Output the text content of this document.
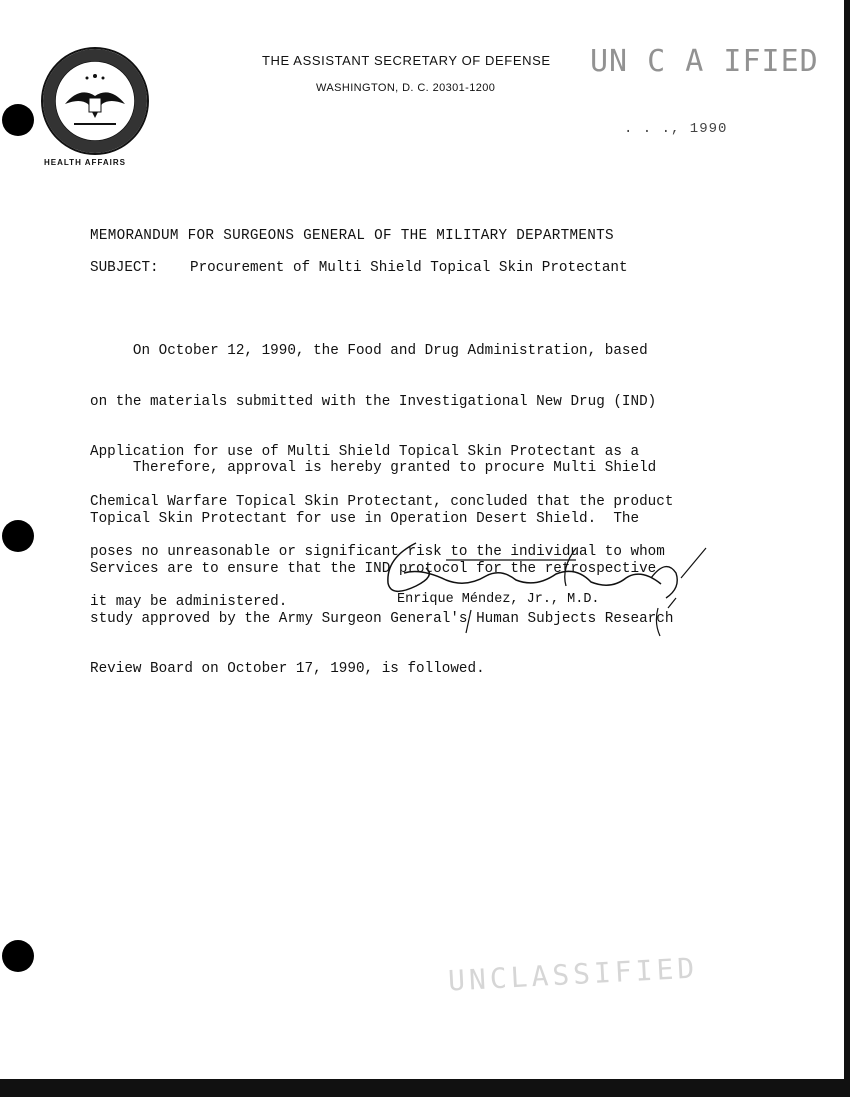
THE ASSISTANT SECRETARY OF DEFENSE
WASHINGTON, D. C. 20301-1200
HEALTH AFFAIRS
UN C A IFIED
. . ., 1990
MEMORANDUM FOR SURGEONS GENERAL OF THE MILITARY DEPARTMENTS
SUBJECT: Procurement of Multi Shield Topical Skin Protectant

On October 12, 1990, the Food and Drug Administration, based

on the materials submitted with the Investigational New Drug (IND)

Application for use of Multi Shield Topical Skin Protectant as a

Chemical Warfare Topical Skin Protectant, concluded that the product

poses no unreasonable or significant risk to the individual to whom

it may be administered.

Therefore, approval is hereby granted to procure Multi Shield

Topical Skin Protectant for use in Operation Desert Shield.  The

Services are to ensure that the IND protocol for the retrospective

study approved by the Army Surgeon General's Human Subjects Research

Review Board on October 17, 1990, is followed.

Enrique Méndez, Jr., M.D.
UNCLASSIFIED
